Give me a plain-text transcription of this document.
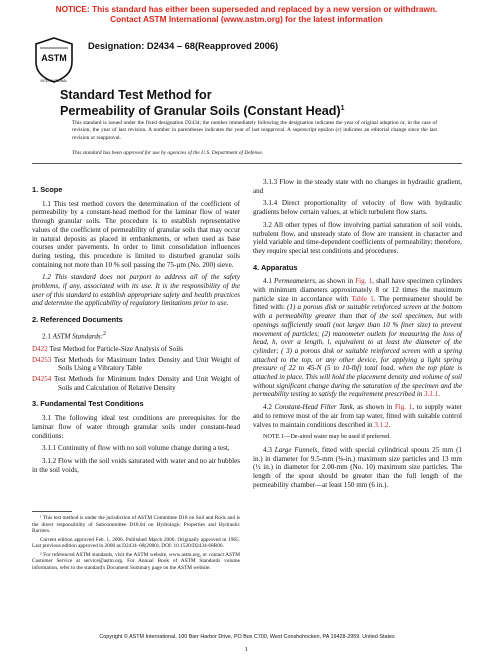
NOTICE: This standard has either been superseded and replaced by a new version or withdrawn.
Contact ASTM International (www.astm.org) for the latest information
ASTM
INTERNATIONAL
Designation: D2434 – 68(Reapproved 2006)
Standard Test Method for
Permeability of Granular Soils (Constant Head)$^1$
This standard is issued under the fixed designation D2434; the number immediately following the designation indicates the year of original adoption or, in the case of revision, the year of last revision. A number in parentheses indicates the year of last reapproval. A superscript epsilon (ε) indicates an editorial change since the last revision or reapproval.
This standard has been approved for use by agencies of the U.S. Department of Defense.
1. Scope

1.1 This test method covers the determination of the coefficient of permeability by a constant-head method for the laminar flow of water through granular soils. The procedure is to establish representative values of the coefficient of permeability of granular soils that may occur in natural deposits as placed in embankments, or when used as base courses under pavements. In order to limit consolidation influences during testing, this procedure is limited to disturbed granular soils containing not more than 10 % soil passing the 75-µm (No. 200) sieve.

1.2 This standard does not purport to address all of the safety problems, if any, associated with its use. It is the responsibility of the user of this standard to establish appropriate safety and health practices and determine the applicability of regulatory limitations prior to use.

2. Referenced Documents

2.1 ASTM Standards:$^2$

D422 Test Method for Particle-Size Analysis of Soils
D4253 Test Methods for Maximum Index Density and Unit Weight of Soils Using a Vibratory Table
D4254 Test Methods for Minimum Index Density and Unit Weight of Soils and Calculation of Relative Density
3. Fundamental Test Conditions

3.1 The following ideal test conditions are prerequisites for the laminar flow of water through granular soils under constant-head conditions:

3.1.1 Continuity of flow with no soil volume change during a test,

3.1.2 Flow with the soil voids saturated with water and no air bubbles in the soil voids,

¹ This test method is under the jurisdiction of ASTM Committee D18 on Soil and Rock and is the direct responsibility of Subcommittee D18.04 on Hydrologic Properties and Hydraulic Barriers.

Current edition approved Feb. 1, 2006. Published March 2006. Originally approved in 1965. Last previous edition approved in 2000 as D2434–68(2000). DOI: 10.1520/D2434-68R06.

² For referenced ASTM standards, visit the ASTM website, www.astm.org, or contact ASTM Customer Service at service@astm.org. For Annual Book of ASTM Standards volume information, refer to the standard's Document Summary page on the ASTM website.

3.1.3 Flow in the steady state with no changes in hydraulic gradient, and

3.1.4 Direct proportionality of velocity of flow with hydraulic gradients below certain values, at which turbulent flow starts.

3.2 All other types of flow involving partial saturation of soil voids, turbulent flow, and unsteady state of flow are transient in character and yield variable and time-dependent coefficients of permeability; therefore, they require special test conditions and procedures.

4. Apparatus

4.1 Permeameters, as shown in Fig. 1, shall have specimen cylinders with minimum diameters approximately 8 or 12 times the maximum particle size in accordance with Table 1. The permeameter should be fitted with: (1) a porous disk or suitable reinforced screen at the bottom with a permeability greater than that of the soil specimen, but with openings sufficiently small (not larger than 10 % finer size) to prevent movement of particles; (2) manometer outlets for measuring the loss of head, h, over a length, l, equivalent to at least the diameter of the cylinder; ( 3) a porous disk or suitable reinforced screen with a spring attached to the top, or any other device, for applying a light spring pressure of 22 to 45-N (5 to 10-lbf) total load, when the top plate is attached in place. This will hold the placement density and volume of soil without significant change during the saturation of the specimen and the permeability testing to satisfy the requirement prescribed in 3.1.1.

4.2 Constant-Head Filter Tank, as shown in Fig. 1, to supply water and to remove most of the air from tap water, fitted with suitable control valves to maintain conditions described in 3.1.2.

NOTE 1—De-aired water may be used if preferred.

4.3 Large Funnels, fitted with special cylindrical spouts 25 mm (1 in.) in diameter for 9.5-mm (⅜-in.) maximum size particles and 13 mm (½ in.) in diameter for 2.00-mm (No. 10) maximum size particles. The length of the spout should be greater than the full length of the permeability chamber—at least 150 mm (6 in.).

Copyright © ASTM International, 100 Barr Harbor Drive, PO Box C700, West Conshohocken, PA 19428-2959. United States
1
